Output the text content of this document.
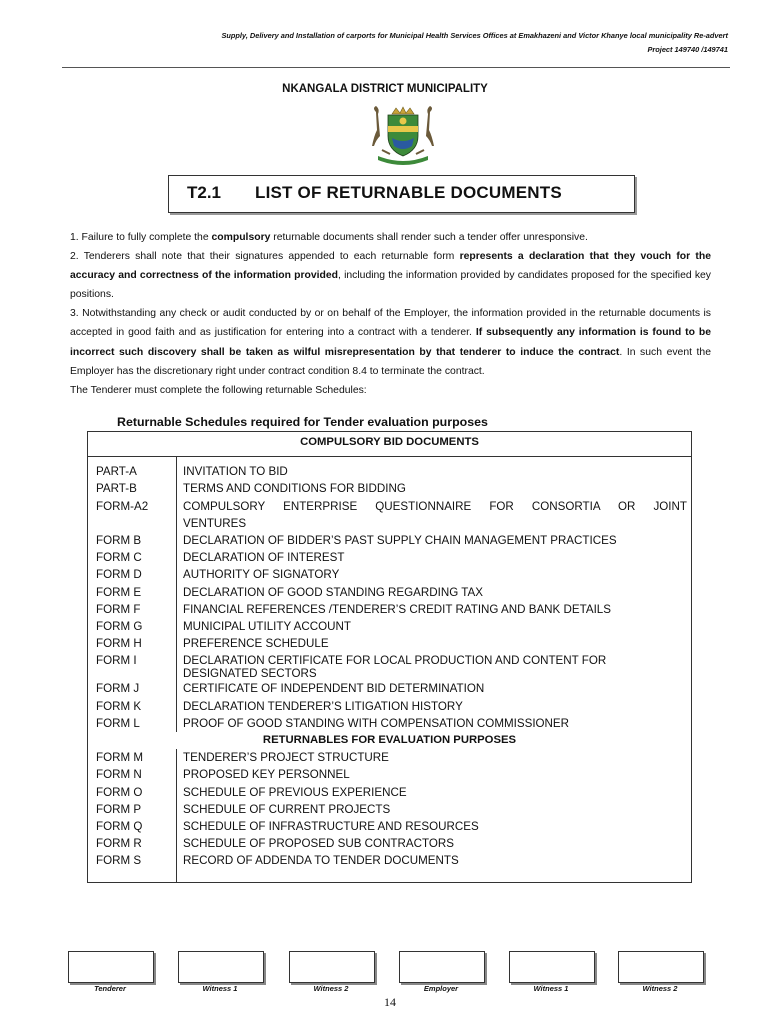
Supply, Delivery and Installation of carports for Municipal Health Services Offices at Emakhazeni and Victor Khanye local municipality Re-advert
Project 149740 /149741
NKANGALA DISTRICT MUNICIPALITY
T2.1 LIST OF RETURNABLE DOCUMENTS

1. Failure to fully complete the compulsory returnable documents shall render such a tender offer unresponsive.

2. Tenderers shall note that their signatures appended to each returnable form represents a declaration that they vouch for the accuracy and correctness of the information provided, including the information provided by candidates proposed for the specified key positions.

3. Notwithstanding any check or audit conducted by or on behalf of the Employer, the information provided in the returnable documents is accepted in good faith and as justification for entering into a contract with a tenderer. If subsequently any information is found to be incorrect such discovery shall be taken as wilful misrepresentation by that tenderer to induce the contract. In such event the Employer has the discretionary right under contract condition 8.4 to terminate the contract.

The Tenderer must complete the following returnable Schedules:

Returnable Schedules required for Tender evaluation purposes
COMPULSORY BID DOCUMENTS	

PART-A	INVITATION TO BID
PART-B	TERMS AND CONDITIONS FOR BIDDING
FORM-A2	COMPULSORY ENTERPRISE QUESTIONNAIRE FOR CONSORTIA OR JOINT
VENTURES

FORM B	DECLARATION OF BIDDER’S PAST SUPPLY CHAIN MANAGEMENT PRACTICES
FORM C	DECLARATION OF INTEREST
FORM D	AUTHORITY OF SIGNATORY
FORM E	DECLARATION OF GOOD STANDING REGARDING TAX
FORM F	FINANCIAL REFERENCES /TENDERER’S CREDIT RATING AND BANK DETAILS
FORM G	MUNICIPAL UTILITY ACCOUNT
FORM H	PREFERENCE SCHEDULE
FORM I	DECLARATION CERTIFICATE FOR LOCAL PRODUCTION AND CONTENT FOR
DESIGNATED SECTORS

FORM J	CERTIFICATE OF INDEPENDENT BID DETERMINATION
FORM K	DECLARATION TENDERER’S LITIGATION HISTORY
FORM L	PROOF OF GOOD STANDING WITH COMPENSATION COMMISSIONER
RETURNABLES FOR EVALUATION PURPOSES	
FORM M	TENDERER’S PROJECT STRUCTURE
FORM N	PROPOSED KEY PERSONNEL
FORM O	SCHEDULE OF PREVIOUS EXPERIENCE
FORM P	SCHEDULE OF CURRENT PROJECTS
FORM Q	SCHEDULE OF INFRASTRUCTURE AND RESOURCES
FORM R	SCHEDULE OF PROPOSED SUB CONTRACTORS
FORM S	RECORD OF ADDENDA TO TENDER DOCUMENTS

Tenderer	Witness 1	Witness 2	Employer	Witness 1	Witness 2
14
